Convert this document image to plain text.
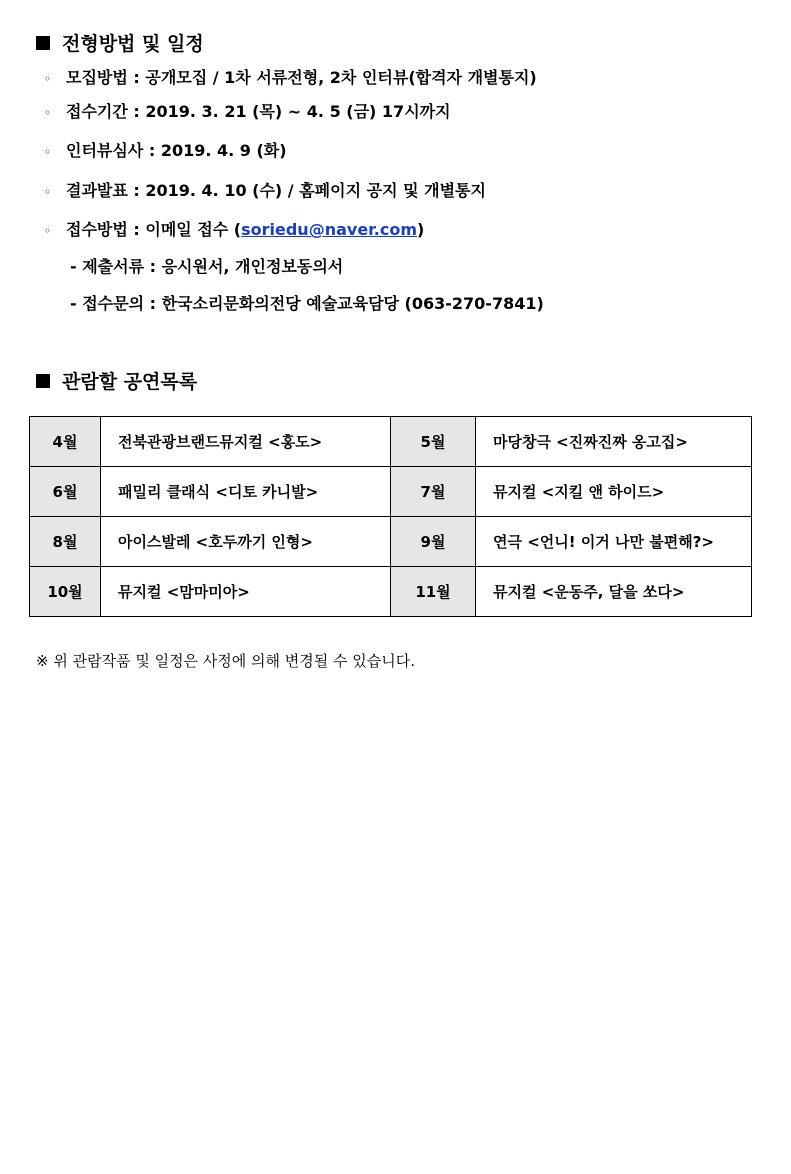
전형방법 및 일정
◦ 모집방법 : 공개모집 / 1차 서류전형, 2차 인터뷰(합격자 개별통지)
◦ 접수기간 : 2019. 3. 21 (목) ~ 4. 5 (금) 17시까지
◦ 인터뷰심사 : 2019. 4. 9 (화)
◦ 결과발표 : 2019. 4. 10 (수) / 홈페이지 공지 및 개별통지
◦ 접수방법 : 이메일 접수 ( soriedu@naver.com )
- 제출서류 : 응시원서, 개인정보동의서
- 접수문의 : 한국소리문화의전당 예술교육담당 (063-270-7841)
관람할 공연목록
4월	전북관광브랜드뮤지컬 <홍도>	5월	마당창극 <진짜진짜 옹고집>
6월	패밀리 클래식 <디토 카니발>	7월	뮤지컬 <지킬 앤 하이드>
8월	아이스발레 <호두까기 인형>	9월	연극 <언니! 이거 나만 불편해?>
10월	뮤지컬 <맘마미아>	11월	뮤지컬 <운동주, 달을 쏘다>
※ 위 관람작품 및 일정은 사정에 의해 변경될 수 있습니다.
